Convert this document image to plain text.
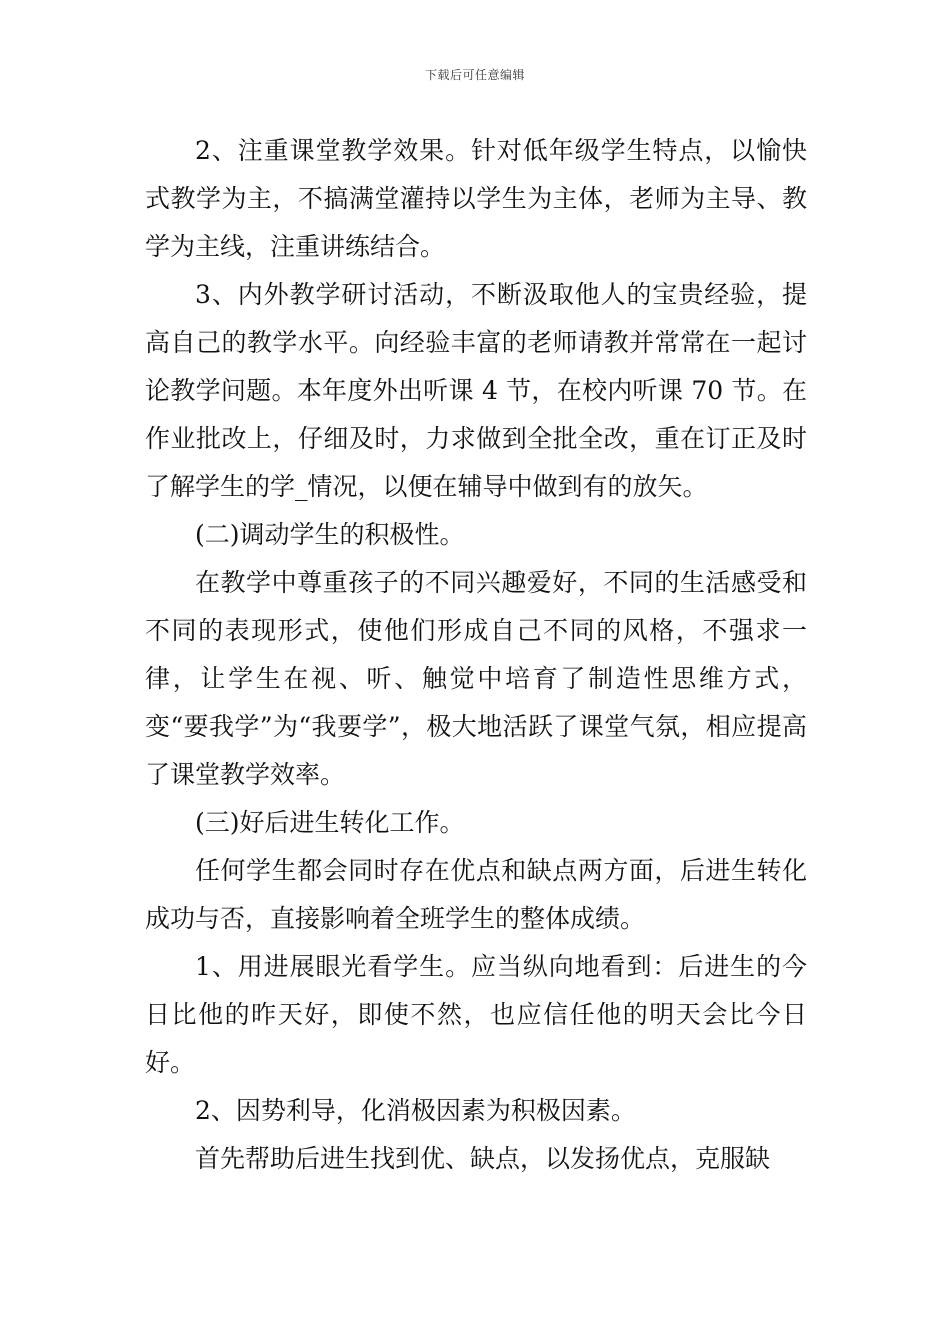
下载后可任意编辑

2、注重课堂教学效果。针对低年级学生特点，以愉快式教学为主，不搞满堂灌持以学生为主体，老师为主导、教学为主线，注重讲练结合。

3、内外教学研讨活动，不断汲取他人的宝贵经验，提高自己的教学水平。向经验丰富的老师请教并常常在一起讨论教学问题。本年度外出听课 4 节，在校内听课 70 节。在作业批改上，仔细及时，力求做到全批全改，重在订正及时了解学生的学_情况，以便在辅导中做到有的放矢。

(二)调动学生的积极性。

在教学中尊重孩子的不同兴趣爱好，不同的生活感受和不同的表现形式，使他们形成自己不同的风格，不强求一律，让学生在视、听、触觉中培育了制造性思维方式，变“要我学”为“我要学”，极大地活跃了课堂气氛，相应提高了课堂教学效率。

(三)好后进生转化工作。

任何学生都会同时存在优点和缺点两方面，后进生转化成功与否，直接影响着全班学生的整体成绩。

1、用进展眼光看学生。应当纵向地看到：后进生的今日比他的昨天好，即使不然，也应信任他的明天会比今日好。

2、因势利导，化消极因素为积极因素。

首先帮助后进生找到优、缺点，以发扬优点，克服缺
